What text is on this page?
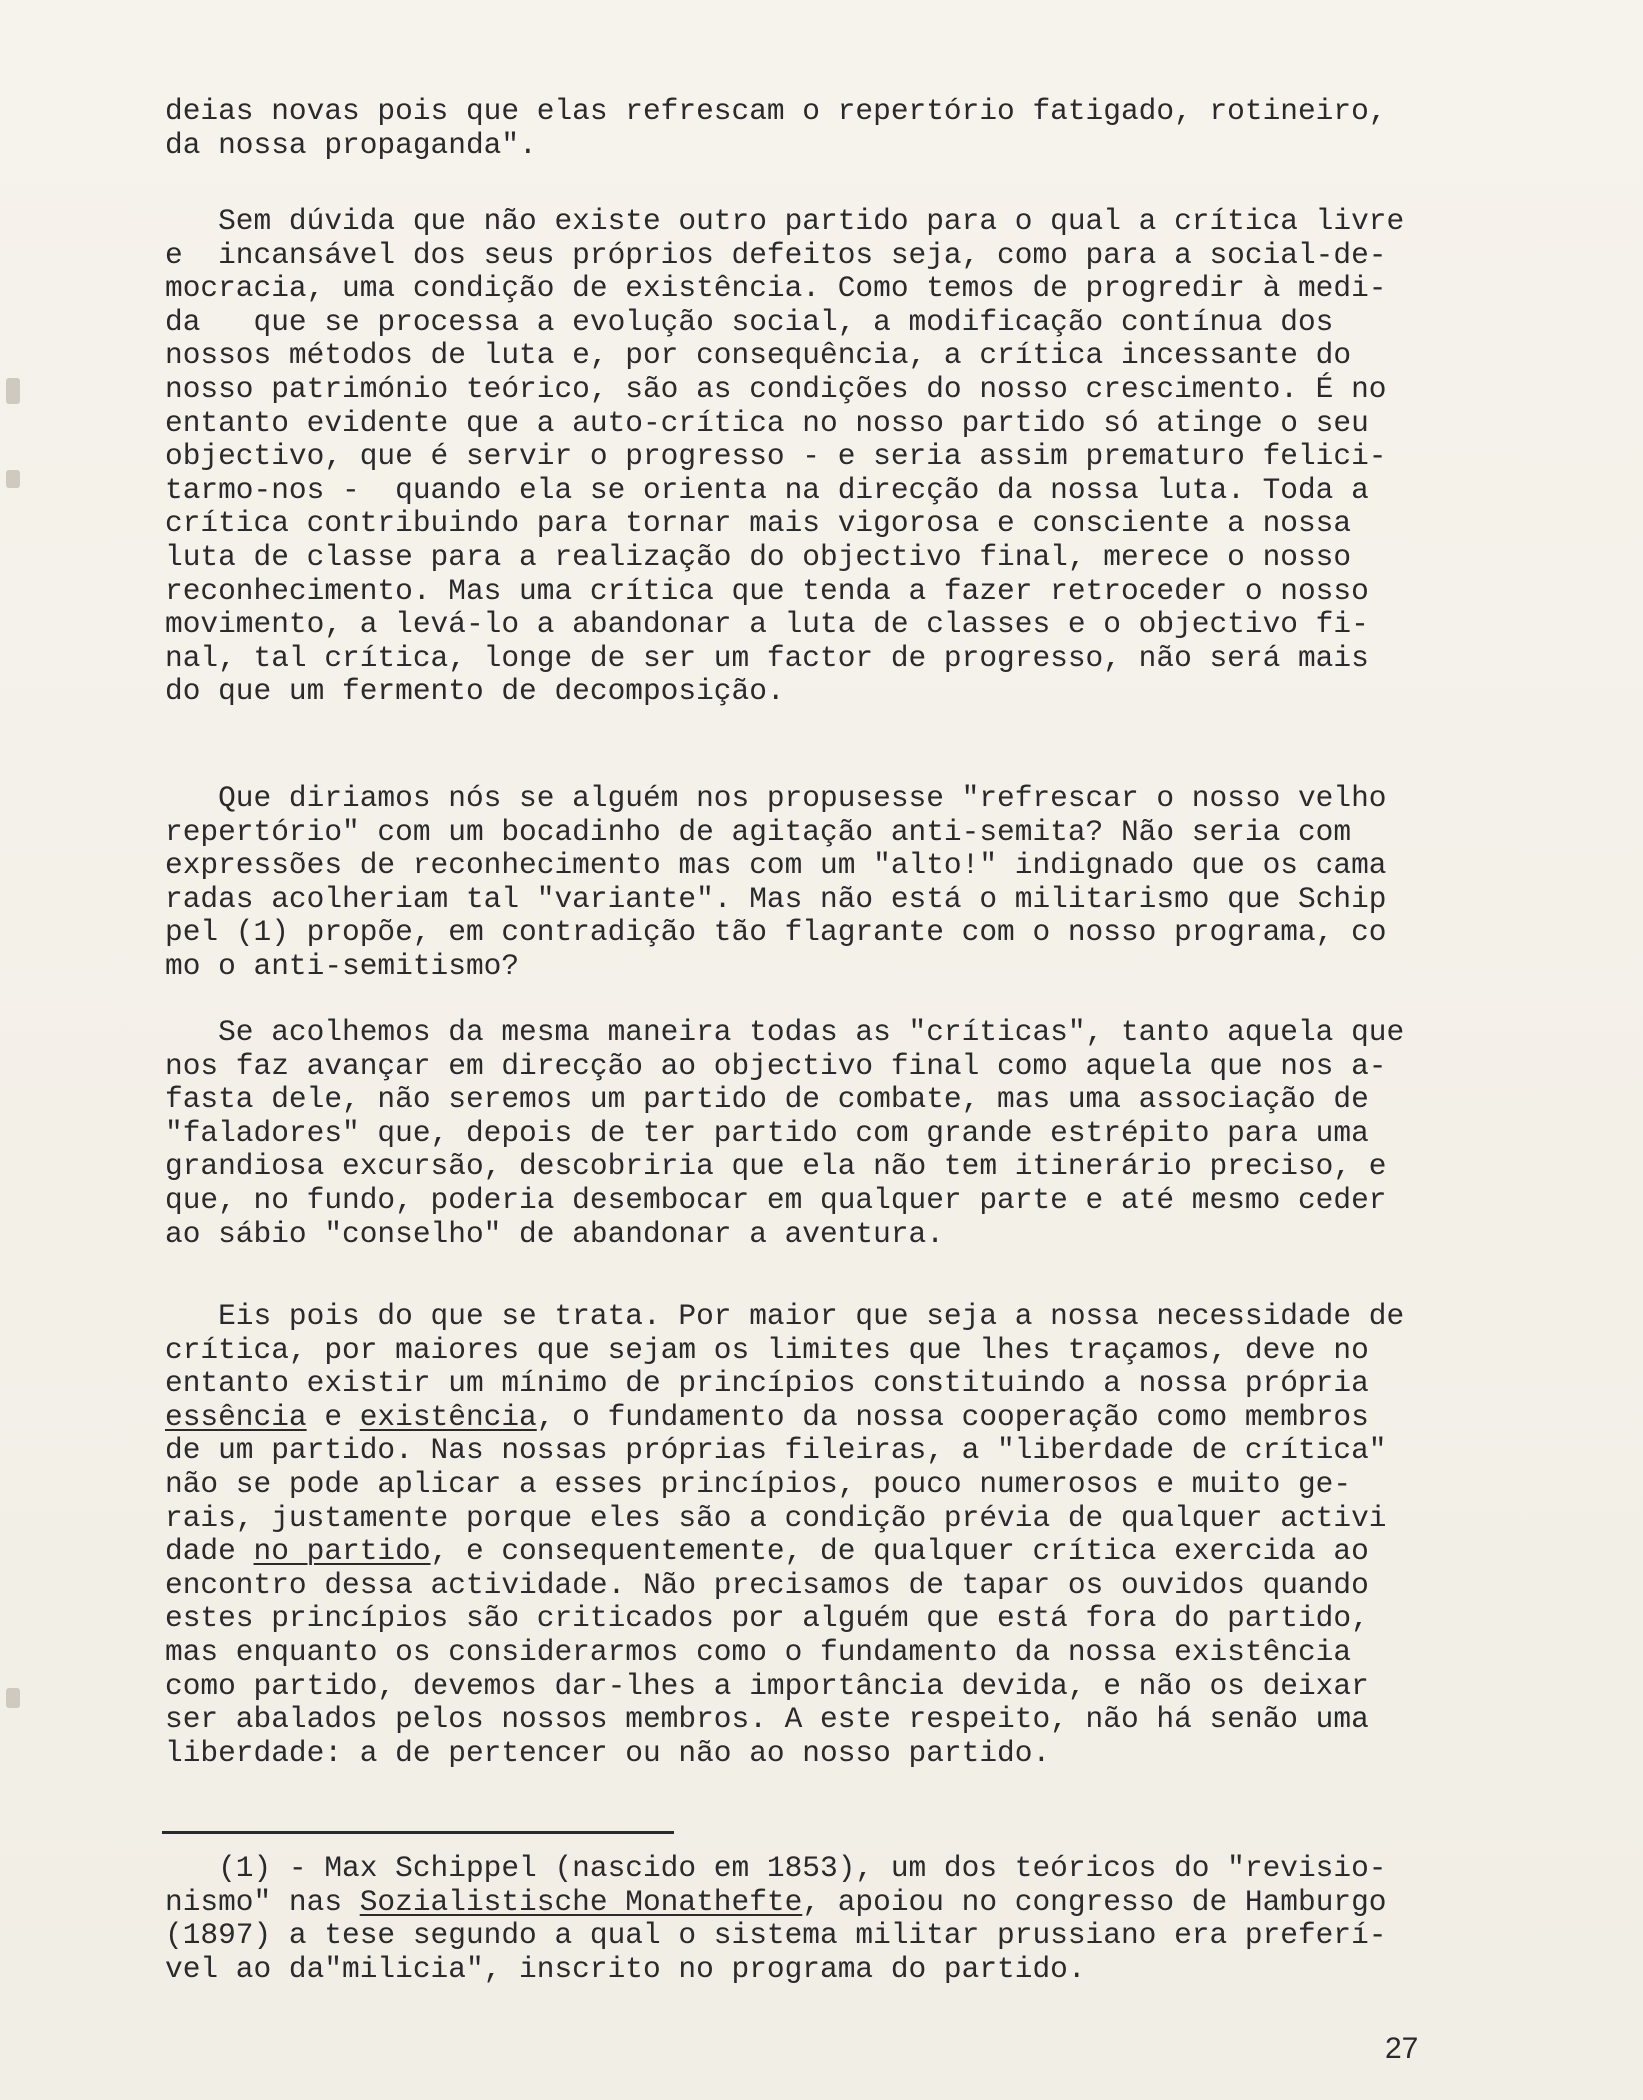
deias novas pois que elas refrescam o repertório fatigado, rotineiro,
da nossa propaganda".
Sem dúvida que não existe outro partido para o qual a crítica livre
e  incansável dos seus próprios defeitos seja, como para a social-de-
mocracia, uma condição de existência. Como temos de progredir à medi-
da   que se processa a evolução social, a modificação contínua dos
nossos métodos de luta e, por consequência, a crítica incessante do
nosso património teórico, são as condições do nosso crescimento. É no
entanto evidente que a auto-crítica no nosso partido só atinge o seu
objectivo, que é servir o progresso - e seria assim prematuro felici-
tarmo-nos -  quando ela se orienta na direcção da nossa luta. Toda a
crítica contribuindo para tornar mais vigorosa e consciente a nossa
luta de classe para a realização do objectivo final, merece o nosso
reconhecimento. Mas uma crítica que tenda a fazer retroceder o nosso
movimento, a levá-lo a abandonar a luta de classes e o objectivo fi-
nal, tal crítica, longe de ser um factor de progresso, não será mais
do que um fermento de decomposição.
Que diriamos nós se alguém nos propusesse "refrescar o nosso velho
repertório" com um bocadinho de agitação anti-semita? Não seria com
expressões de reconhecimento mas com um "alto!" indignado que os cama
radas acolheriam tal "variante". Mas não está o militarismo que Schip
pel (1) propõe, em contradição tão flagrante com o nosso programa, co
mo o anti-semitismo?
Se acolhemos da mesma maneira todas as "críticas", tanto aquela que
nos faz avançar em direcção ao objectivo final como aquela que nos a-
fasta dele, não seremos um partido de combate, mas uma associação de
"faladores" que, depois de ter partido com grande estrépito para uma
grandiosa excursão, descobriria que ela não tem itinerário preciso, e
que, no fundo, poderia desembocar em qualquer parte e até mesmo ceder
ao sábio "conselho" de abandonar a aventura.
Eis pois do que se trata. Por maior que seja a nossa necessidade de
crítica, por maiores que sejam os limites que lhes traçamos, deve no
entanto existir um mínimo de princípios constituindo a nossa própria
essência e existência, o fundamento da nossa cooperação como membros
de um partido. Nas nossas próprias fileiras, a "liberdade de crítica"
não se pode aplicar a esses princípios, pouco numerosos e muito ge-
rais, justamente porque eles são a condição prévia de qualquer activi
dade no partido, e consequentemente, de qualquer crítica exercida ao
encontro dessa actividade. Não precisamos de tapar os ouvidos quando
estes princípios são criticados por alguém que está fora do partido,
mas enquanto os considerarmos como o fundamento da nossa existência
como partido, devemos dar-lhes a importância devida, e não os deixar
ser abalados pelos nossos membros. A este respeito, não há senão uma
liberdade: a de pertencer ou não ao nosso partido.
(1) - Max Schippel (nascido em 1853), um dos teóricos do "revisio-
nismo" nas Sozialistische Monathefte, apoiou no congresso de Hamburgo
(1897) a tese segundo a qual o sistema militar prussiano era preferí-
vel ao da"milicia", inscrito no programa do partido.
27
